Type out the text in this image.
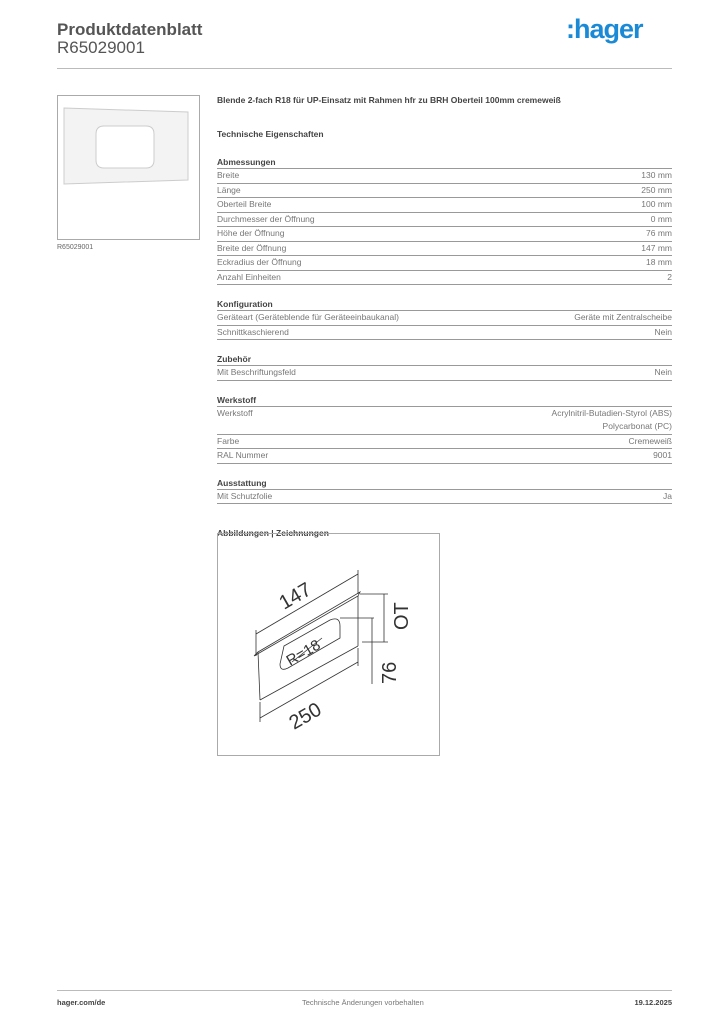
Produktdatenblatt
R65029001
:hager
R65029001
Blende 2-fach R18 für UP-Einsatz mit Rahmen hfr zu BRH Oberteil 100mm cremeweiß
Technische Eigenschaften
Abmessungen
Breite	130 mm
Länge	250 mm
Oberteil Breite	100 mm
Durchmesser der Öffnung	0 mm
Höhe der Öffnung	76 mm
Breite der Öffnung	147 mm
Eckradius der Öffnung	18 mm
Anzahl Einheiten	2
Konfiguration
Geräteart (Geräteblende für Geräteeinbaukanal)	Geräte mit Zentralscheibe
Schnittkaschierend	Nein
Zubehör
Mit Beschriftungsfeld	Nein
Werkstoff
Werkstoff	Acrylnitril-Butadien-Styrol (ABS)
Polycarbonat (PC)
Farbe	Cremeweiß
RAL Nummer	9001
Ausstattung
Mit Schutzfolie	Ja
Abbildungen | Zeichnungen
147
250
R=18
OT
76
hager.com/de	Technische Änderungen vorbehalten	19.12.2025
